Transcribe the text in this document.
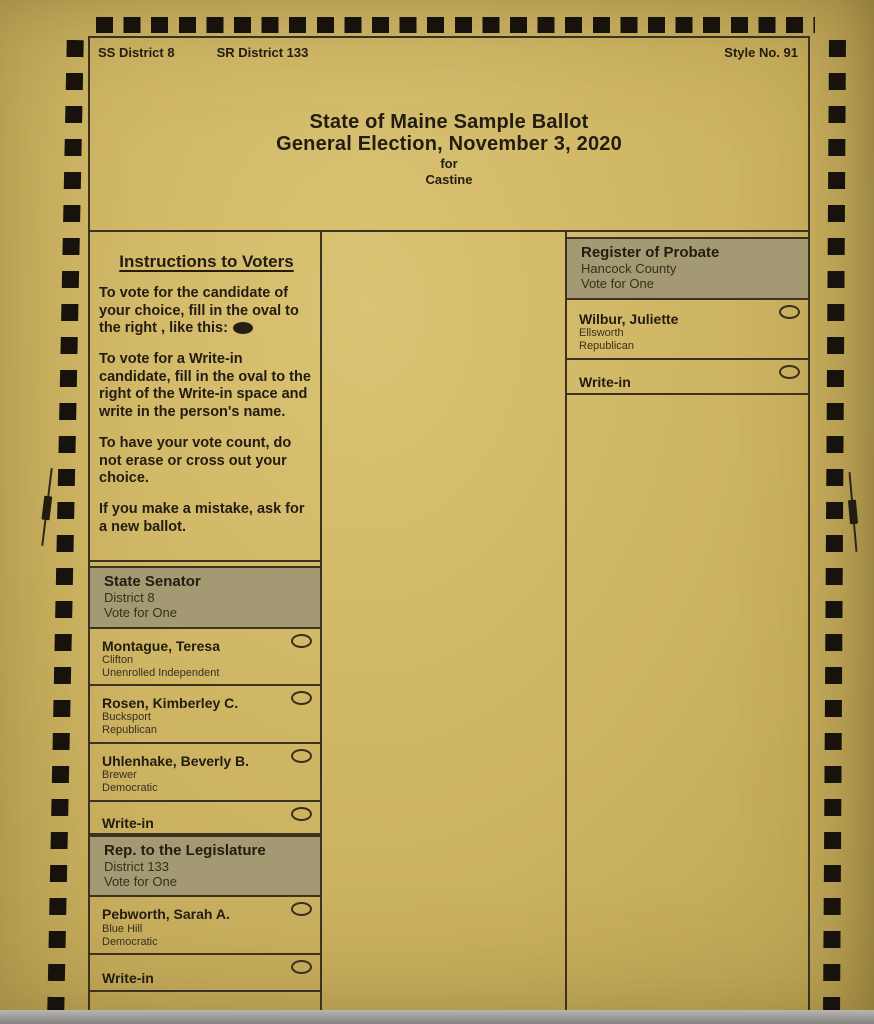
SS District 8	SR District 133	Style No. 91
State of Maine Sample Ballot
General Election, November 3, 2020
for
Castine
Instructions to Voters

To vote for the candidate of your choice, fill in the oval to the right , like this:

To vote for a Write-in candidate, fill in the oval to the right of the Write-in space and write in the person's name.

To have your vote count, do not erase or cross out your choice.

If you make a mistake, ask for a new ballot.

State Senator
District 8
Vote for One
Montague, Teresa
Clifton
Unenrolled Independent
Rosen, Kimberley C.
Bucksport
Republican
Uhlenhake, Beverly B.
Brewer
Democratic
Write-in
Rep. to the Legislature
District 133
Vote for One
Pebworth, Sarah A.
Blue Hill
Democratic
Write-in
Register of Probate
Hancock County
Vote for One
Wilbur, Juliette
Ellsworth
Republican
Write-in
